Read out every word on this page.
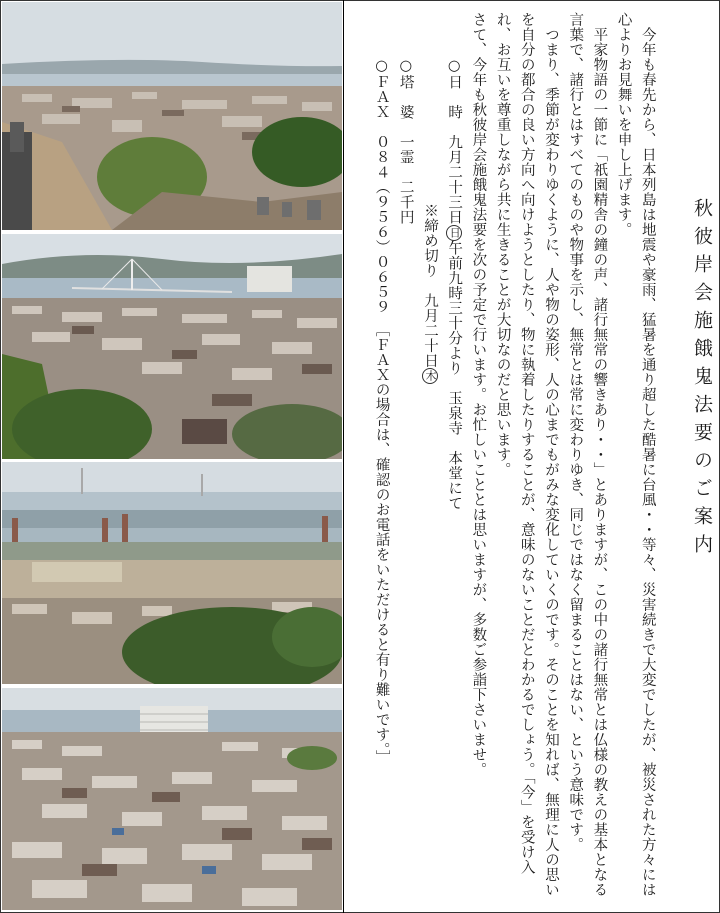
秋彼岸会施餓鬼法要のご案内

今年も春先から、日本列島は地震や豪雨、猛暑を通り超した酷暑に台風・・等々、災害続きで大変でしたが、被災された方々には心よりお見舞いを申し上げます。

平家物語の一節に「祇園精舎の鐘の声、諸行無常の響きあり・・」とありますが、この中の諸行無常とは仏様の教えの基本となる言葉で、諸行とはすべてのものや物事を示し、無常とは常に変わりゆき、同じではなく留まることはない、という意味です。

つまり、季節が変わりゆくように、人や物の姿形、人の心までもがみな変化していくのです。そのことを知れば、無理に人の思いを自分の都合の良い方向へ向けようとしたり、物に執着したりすることが、意味のないことだとわかるでしょう。「今」を受け入れ、お互いを尊重しながら共に生きることが大切なのだと思います。

さて、今年も秋彼岸会施餓鬼法要を次の予定で行います。お忙しいこととは思いますが、多数ご参詣下さいませ。

○日　時　九月二十三日日午前九時三十分より　玉泉寺　本堂にて

※締め切り　九月二十日木

○塔　婆　一霊　二千円

○ＦＡＸ　０８４（９５６）０６５９　［ＦＡＸの場合は、確認のお電話をいただけると有り難いです。］
